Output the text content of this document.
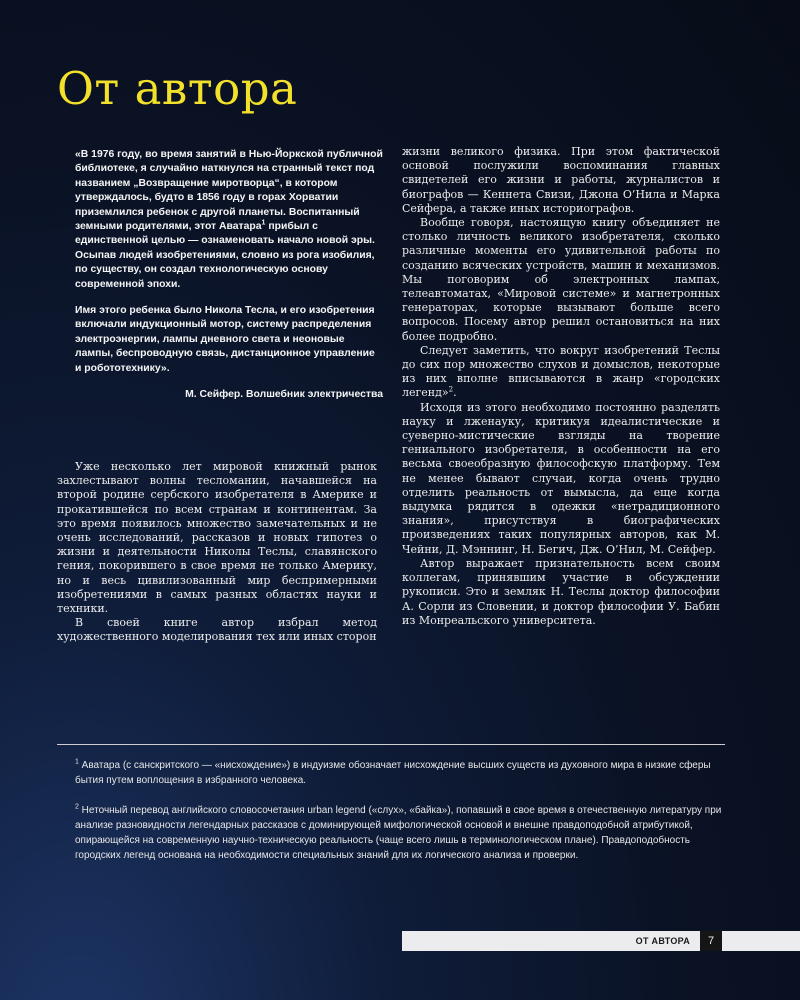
От автора

«В 1976 году, во время занятий в Нью-Йоркской публичной библиотеке, я случайно наткнулся на странный текст под названием „Возвращение миротворца“, в котором утверждалось, будто в 1856 году в горах Хорватии приземлился ребенок с другой планеты. Воспитанный земными родителями, этот Аватара$^1$ прибыл с единственной целью — ознаменовать начало новой эры. Осыпав людей изобретениями, словно из рога изобилия, по существу, он создал технологическую основу современной эпохи.

Имя этого ребенка было Никола Тесла, и его изобретения включали индукционный мотор, систему распределения электроэнергии, лампы дневного света и неоновые лампы, беспроводную связь, дистанционное управление и робототехнику».

М. Сейфер. Волшебник электричества

Уже несколько лет мировой книжный рынок захлестывают волны тесломании, начавшейся на второй родине сербского изобретателя в Америке и прокатившейся по всем странам и континентам. За это время появилось множество замечательных и не очень исследований, рассказов и новых гипотез о жизни и деятельности Николы Теслы, славянского гения, покорившего в свое время не только Америку, но и весь цивилизованный мир беспримерными изобретениями в самых разных областях науки и техники.

В своей книге автор избрал метод художественного моделирования тех или иных сторон

жизни великого физика. При этом фактической основой послужили воспоминания главных свидетелей его жизни и работы, журналистов и биографов — Кеннета Свизи, Джона О’Нила и Марка Сейфера, а также иных историографов.

Вообще говоря, настоящую книгу объединяет не столько личность великого изобретателя, сколько различные моменты его удивительной работы по созданию всяческих устройств, машин и механизмов. Мы поговорим об электронных лампах, телеавтоматах, «Мировой системе» и магнетронных генераторах, которые вызывают больше всего вопросов. Посему автор решил остановиться на них более подробно.

Следует заметить, что вокруг изобретений Теслы до сих пор множество слухов и домыслов, некоторые из них вполне вписываются в жанр «городских легенд»$^2$.

Исходя из этого необходимо постоянно разделять науку и лженауку, критикуя идеалистические и суеверно-мистические взгляды на творение гениального изобретателя, в особенности на его весьма своеобразную философскую платформу. Тем не менее бывают случаи, когда очень трудно отделить реальность от вымысла, да еще когда выдумка рядится в одежки «нетрадиционного знания», присутствуя в биографических произведениях таких популярных авторов, как М. Чейни, Д. Мэннинг, Н. Бегич, Дж. О’Нил, М. Сейфер.

Автор выражает признательность всем своим коллегам, принявшим участие в обсуждении рукописи. Это и земляк Н. Теслы доктор философии А. Сорли из Словении, и доктор философии У. Бабин из Монреальского университета.

$^1$ Аватара (с санскритского — «нисхождение») в индуизме обозначает нисхождение высших существ из духовного мира в низкие сферы бытия путем воплощения в избранного человека.

$^2$ Неточный перевод английского словосочетания urban legend («слух», «байка»), попавший в свое время в отечественную литературу при анализе разновидности легендарных рассказов с доминирующей мифологической основой и внешне правдоподобной атрибутикой, опирающейся на современную научно-техническую реальность (чаще всего лишь в терминологическом плане). Правдоподобность городских легенд основана на необходимости специальных знаний для их логического анализа и проверки.

ОТ АВТОРА	7
